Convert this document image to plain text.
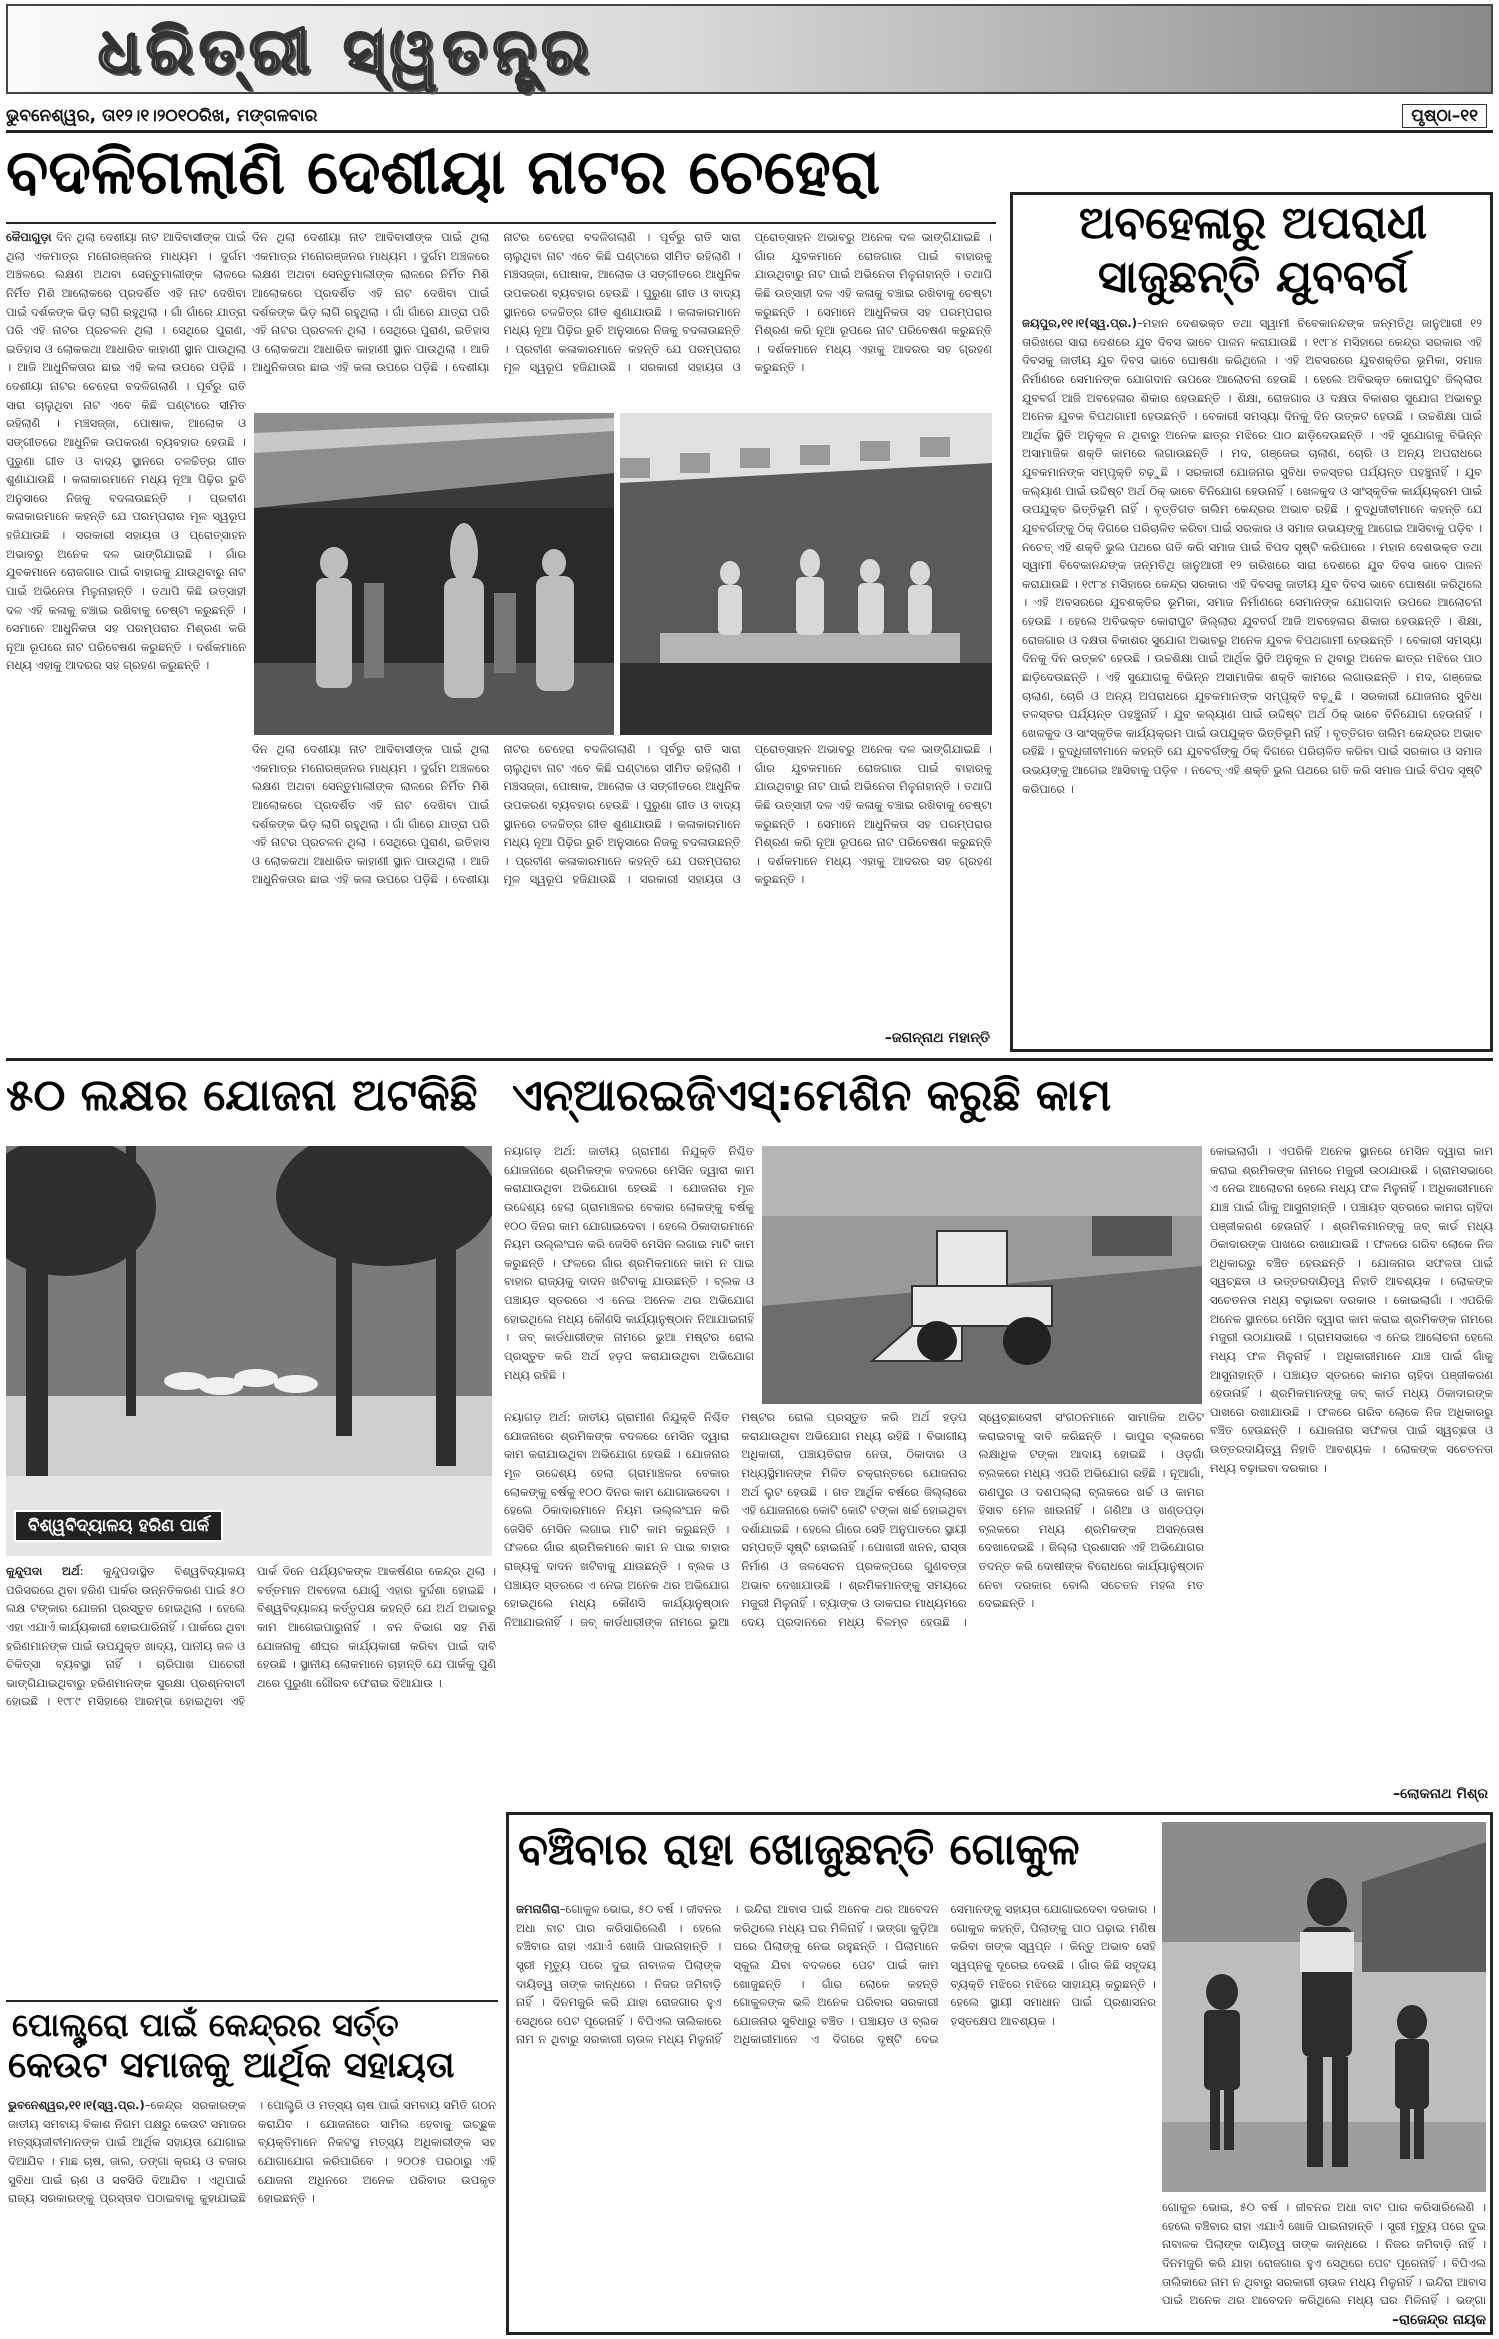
ଧରିତ୍ରୀ ସ୍ୱତନ୍ତ୍ର
ଭୁବନେଶ୍ୱର, ତା୧୨।୧।୨୦୧୦ରିଖ, ମଙ୍ଗଳବାର	ପୃଷ୍ଠା–୧୧
ବଦଳିଗଲାଣି ଦେଶୀୟା ନାଟର ଚେହେରା
କୈପାଗୁଡ଼ା ଦିନ ଥିଲା ଦେଶୀୟା ନାଟ ଆଦିବାସୀଙ୍କ ପାଇଁ ଥିଲା ଏକମାତ୍ର ମନୋରଞ୍ଜନର ମାଧ୍ୟମ । ଦୁର୍ଗମ ଅଞ୍ଚଳରେ ଲକ୍ଷଣ ଅଥବା ସେନ୍ତୁମାଲୀଙ୍କ ଲାଳରେ ନିର୍ମିତ ମିଶି ଆଲୋକରେ ପ୍ରଦର୍ଶିତ ଏହି ନାଟ ଦେଖିବା ପାଇଁ ଦର୍ଶକଙ୍କ ଭିଡ଼ ଲାଗି ରହୁଥିଲା । ଗାଁ ଗାଁରେ ଯାତ୍ରା ପରି ଏହି ନାଟର ପ୍ରଚଳନ ଥିଲା । ସେଥିରେ ପୁରାଣ, ଇତିହାସ ଓ ଲୋକକଥା ଆଧାରିତ କାହାଣୀ ସ୍ଥାନ ପାଉଥିଲା । ଆଜି ଆଧୁନିକତାର ଛାଇ ଏହି କଳା ଉପରେ ପଡ଼ିଛି । ଦେଶୀୟା ନାଟର ଚେହେରା ବଦଳିଗଲାଣି । ପୂର୍ବରୁ ରାତି ସାରା ଚାଲୁଥିବା ନାଟ ଏବେ କିଛି ଘଣ୍ଟାରେ ସୀମିତ ରହିଲାଣି । ମଞ୍ଚସଜ୍ଜା, ପୋଷାକ, ଆଲୋକ ଓ ସଙ୍ଗୀତରେ ଆଧୁନିକ ଉପକରଣ ବ୍ୟବହାର ହେଉଛି । ପୁରୁଣା ଗୀତ ଓ ବାଦ୍ୟ ସ୍ଥାନରେ ଚଳଚ୍ଚିତ୍ର ଗୀତ ଶୁଣାଯାଉଛି । କଳାକାରମାନେ ମଧ୍ୟ ନୂଆ ପିଢ଼ିର ରୁଚି ଅନୁସାରେ ନିଜକୁ ବଦଳାଉଛନ୍ତି । ପ୍ରବୀଣ କଳାକାରମାନେ କହନ୍ତି ଯେ ପରମ୍ପରାର ମୂଳ ସ୍ୱରୂପ ହଜିଯାଉଛି । ସରକାରୀ ସହାୟତା ଓ ପ୍ରୋତ୍ସାହନ ଅଭାବରୁ ଅନେକ ଦଳ ଭାଙ୍ଗିଯାଇଛି । ଗାଁର ଯୁବକମାନେ ରୋଜଗାର ପାଇଁ ବାହାରକୁ ଯାଉଥିବାରୁ ନାଟ ପାଇଁ ଅଭିନେତା ମିଳୁନାହାନ୍ତି । ତଥାପି କିଛି ଉତ୍ସାହୀ ଦଳ ଏହି କଳାକୁ ବଞ୍ଚାଇ ରଖିବାକୁ ଚେଷ୍ଟା କରୁଛନ୍ତି । ସେମାନେ ଆଧୁନିକତା ସହ ପରମ୍ପରାର ମିଶ୍ରଣ କରି ନୂଆ ରୂପରେ ନାଟ ପରିବେଷଣ କରୁଛନ୍ତି । ଦର୍ଶକମାନେ ମଧ୍ୟ ଏହାକୁ ଆଦରର ସହ ଗ୍ରହଣ କରୁଛନ୍ତି ।
ଦିନ ଥିଲା ଦେଶୀୟା ନାଟ ଆଦିବାସୀଙ୍କ ପାଇଁ ଥିଲା ଏକମାତ୍ର ମନୋରଞ୍ଜନର ମାଧ୍ୟମ । ଦୁର୍ଗମ ଅଞ୍ଚଳରେ ଲକ୍ଷଣ ଅଥବା ସେନ୍ତୁମାଲୀଙ୍କ ଲାଳରେ ନିର୍ମିତ ମିଶି ଆଲୋକରେ ପ୍ରଦର୍ଶିତ ଏହି ନାଟ ଦେଖିବା ପାଇଁ ଦର୍ଶକଙ୍କ ଭିଡ଼ ଲାଗି ରହୁଥିଲା । ଗାଁ ଗାଁରେ ଯାତ୍ରା ପରି ଏହି ନାଟର ପ୍ରଚଳନ ଥିଲା । ସେଥିରେ ପୁରାଣ, ଇତିହାସ ଓ ଲୋକକଥା ଆଧାରିତ କାହାଣୀ ସ୍ଥାନ ପାଉଥିଲା । ଆଜି ଆଧୁନିକତାର ଛାଇ ଏହି କଳା ଉପରେ ପଡ଼ିଛି । ଦେଶୀୟା ନାଟର ଚେହେରା ବଦଳିଗଲାଣି । ପୂର୍ବରୁ ରାତି ସାରା ଚାଲୁଥିବା ନାଟ ଏବେ କିଛି ଘଣ୍ଟାରେ ସୀମିତ ରହିଲାଣି । ମଞ୍ଚସଜ୍ଜା, ପୋଷାକ, ଆଲୋକ ଓ ସଙ୍ଗୀତରେ ଆଧୁନିକ ଉପକରଣ ବ୍ୟବହାର ହେଉଛି । ପୁରୁଣା ଗୀତ ଓ ବାଦ୍ୟ ସ୍ଥାନରେ ଚଳଚ୍ଚିତ୍ର ଗୀତ ଶୁଣାଯାଉଛି । କଳାକାରମାନେ ମଧ୍ୟ ନୂଆ ପିଢ଼ିର ରୁଚି ଅନୁସାରେ ନିଜକୁ ବଦଳାଉଛନ୍ତି । ପ୍ରବୀଣ କଳାକାରମାନେ କହନ୍ତି ଯେ ପରମ୍ପରାର ମୂଳ ସ୍ୱରୂପ ହଜିଯାଉଛି । ସରକାରୀ ସହାୟତା ଓ ପ୍ରୋତ୍ସାହନ ଅଭାବରୁ ଅନେକ ଦଳ ଭାଙ୍ଗିଯାଇଛି । ଗାଁର ଯୁବକମାନେ ରୋଜଗାର ପାଇଁ ବାହାରକୁ ଯାଉଥିବାରୁ ନାଟ ପାଇଁ ଅଭିନେତା ମିଳୁନାହାନ୍ତି । ତଥାପି କିଛି ଉତ୍ସାହୀ ଦଳ ଏହି କଳାକୁ ବଞ୍ଚାଇ ରଖିବାକୁ ଚେଷ୍ଟା କରୁଛନ୍ତି । ସେମାନେ ଆଧୁନିକତା ସହ ପରମ୍ପରାର ମିଶ୍ରଣ କରି ନୂଆ ରୂପରେ ନାଟ ପରିବେଷଣ କରୁଛନ୍ତି । ଦର୍ଶକମାନେ ମଧ୍ୟ ଏହାକୁ ଆଦରର ସହ ଗ୍ରହଣ କରୁଛନ୍ତି ।
ଦିନ ଥିଲା ଦେଶୀୟା ନାଟ ଆଦିବାସୀଙ୍କ ପାଇଁ ଥିଲା ଏକମାତ୍ର ମନୋରଞ୍ଜନର ମାଧ୍ୟମ । ଦୁର୍ଗମ ଅଞ୍ଚଳରେ ଲକ୍ଷଣ ଅଥବା ସେନ୍ତୁମାଲୀଙ୍କ ଲାଳରେ ନିର୍ମିତ ମିଶି ଆଲୋକରେ ପ୍ରଦର୍ଶିତ ଏହି ନାଟ ଦେଖିବା ପାଇଁ ଦର୍ଶକଙ୍କ ଭିଡ଼ ଲାଗି ରହୁଥିଲା । ଗାଁ ଗାଁରେ ଯାତ୍ରା ପରି ଏହି ନାଟର ପ୍ରଚଳନ ଥିଲା । ସେଥିରେ ପୁରାଣ, ଇତିହାସ ଓ ଲୋକକଥା ଆଧାରିତ କାହାଣୀ ସ୍ଥାନ ପାଉଥିଲା । ଆଜି ଆଧୁନିକତାର ଛାଇ ଏହି କଳା ଉପରେ ପଡ଼ିଛି । ଦେଶୀୟା ନାଟର ଚେହେରା ବଦଳିଗଲାଣି । ପୂର୍ବରୁ ରାତି ସାରା ଚାଲୁଥିବା ନାଟ ଏବେ କିଛି ଘଣ୍ଟାରେ ସୀମିତ ରହିଲାଣି । ମଞ୍ଚସଜ୍ଜା, ପୋଷାକ, ଆଲୋକ ଓ ସଙ୍ଗୀତରେ ଆଧୁନିକ ଉପକରଣ ବ୍ୟବହାର ହେଉଛି । ପୁରୁଣା ଗୀତ ଓ ବାଦ୍ୟ ସ୍ଥାନରେ ଚଳଚ୍ଚିତ୍ର ଗୀତ ଶୁଣାଯାଉଛି । କଳାକାରମାନେ ମଧ୍ୟ ନୂଆ ପିଢ଼ିର ରୁଚି ଅନୁସାରେ ନିଜକୁ ବଦଳାଉଛନ୍ତି । ପ୍ରବୀଣ କଳାକାରମାନେ କହନ୍ତି ଯେ ପରମ୍ପରାର ମୂଳ ସ୍ୱରୂପ ହଜିଯାଉଛି । ସରକାରୀ ସହାୟତା ଓ ପ୍ରୋତ୍ସାହନ ଅଭାବରୁ ଅନେକ ଦଳ ଭାଙ୍ଗିଯାଇଛି । ଗାଁର ଯୁବକମାନେ ରୋଜଗାର ପାଇଁ ବାହାରକୁ ଯାଉଥିବାରୁ ନାଟ ପାଇଁ ଅଭିନେତା ମିଳୁନାହାନ୍ତି । ତଥାପି କିଛି ଉତ୍ସାହୀ ଦଳ ଏହି କଳାକୁ ବଞ୍ଚାଇ ରଖିବାକୁ ଚେଷ୍ଟା କରୁଛନ୍ତି । ସେମାନେ ଆଧୁନିକତା ସହ ପରମ୍ପରାର ମିଶ୍ରଣ କରି ନୂଆ ରୂପରେ ନାଟ ପରିବେଷଣ କରୁଛନ୍ତି । ଦର୍ଶକମାନେ ମଧ୍ୟ ଏହାକୁ ଆଦରର ସହ ଗ୍ରହଣ କରୁଛନ୍ତି ।
–ଜଗନ୍ନାଥ ମହାନ୍ତି
ଅବହେଳାରୁ ଅପରାଧୀ
ସାଜୁଛନ୍ତି ଯୁବବର୍ଗ
ଜୟପୁର,୧୧।୧(ସ୍ୱ.ପ୍ର.)–ମହାନ ଦେଶଭକ୍ତ ତଥା ସ୍ୱାମୀ ବିବେକାନନ୍ଦଙ୍କ ଜନ୍ମତିଥି ଜାନୁଆରୀ ୧୨ ତାରିଖରେ ସାରା ଦେଶରେ ଯୁବ ଦିବସ ଭାବେ ପାଳନ କରାଯାଉଛି । ୧୯୮୪ ମସିହାରେ କେନ୍ଦ୍ର ସରକାର ଏହି ଦିବସକୁ ଜାତୀୟ ଯୁବ ଦିବସ ଭାବେ ଘୋଷଣା କରିଥିଲେ । ଏହି ଅବସରରେ ଯୁବଶକ୍ତିର ଭୂମିକା, ସମାଜ ନିର୍ମାଣରେ ସେମାନଙ୍କ ଯୋଗଦାନ ଉପରେ ଆଲୋଚନା ହେଉଛି । ହେଲେ ଅବିଭକ୍ତ କୋରାପୁଟ ଜିଲ୍ଲାର ଯୁବବର୍ଗ ଆଜି ଅବହେଳାର ଶିକାର ହେଉଛନ୍ତି । ଶିକ୍ଷା, ରୋଜଗାର ଓ ଦକ୍ଷତା ବିକାଶର ସୁଯୋଗ ଅଭାବରୁ ଅନେକ ଯୁବକ ବିପଥଗାମୀ ହେଉଛନ୍ତି । ବେକାରୀ ସମସ୍ୟା ଦିନକୁ ଦିନ ଉତ୍କଟ ହେଉଛି । ଉଚ୍ଚଶିକ୍ଷା ପାଇଁ ଆର୍ଥିକ ସ୍ଥିତି ଅନୁକୂଳ ନ ଥିବାରୁ ଅନେକ ଛାତ୍ର ମଝିରେ ପାଠ ଛାଡ଼ିଦେଉଛନ୍ତି । ଏହି ସୁଯୋଗକୁ ବିଭିନ୍ନ ଅସାମାଜିକ ଶକ୍ତି କାମରେ ଲଗାଉଛନ୍ତି । ମଦ, ଗଞ୍ଜେଇ ଚାଲାଣ, ଚୋରି ଓ ଅନ୍ୟ ଅପରାଧରେ ଯୁବକମାନଙ୍କ ସମ୍ପୃକ୍ତି ବଢ଼ୁଛି । ସରକାରୀ ଯୋଜନାର ସୁବିଧା ତଳସ୍ତର ପର୍ଯ୍ୟନ୍ତ ପହଞ୍ଚୁନାହିଁ । ଯୁବ କଲ୍ୟାଣ ପାଇଁ ଉଦ୍ଦିଷ୍ଟ ଅର୍ଥ ଠିକ୍ ଭାବେ ବିନିଯୋଗ ହେଉନାହିଁ । ଖେଳକୁଦ ଓ ସାଂସ୍କୃତିକ କାର୍ଯ୍ୟକ୍ରମ ପାଇଁ ଉପଯୁକ୍ତ ଭିତ୍ତିଭୂମି ନାହିଁ । ବୃତ୍ତିଗତ ତାଲିମ କେନ୍ଦ୍ରର ଅଭାବ ରହିଛି । ବୁଦ୍ଧିଜୀବୀମାନେ କହନ୍ତି ଯେ ଯୁବବର୍ଗଙ୍କୁ ଠିକ୍ ଦିଗରେ ପରିଚାଳିତ କରିବା ପାଇଁ ସରକାର ଓ ସମାଜ ଉଭୟଙ୍କୁ ଆଗେଇ ଆସିବାକୁ ପଡ଼ିବ । ନଚେତ୍ ଏହି ଶକ୍ତି ଭୁଲ ପଥରେ ଗତି କରି ସମାଜ ପାଇଁ ବିପଦ ସୃଷ୍ଟି କରିପାରେ । ମହାନ ଦେଶଭକ୍ତ ତଥା ସ୍ୱାମୀ ବିବେକାନନ୍ଦଙ୍କ ଜନ୍ମତିଥି ଜାନୁଆରୀ ୧୨ ତାରିଖରେ ସାରା ଦେଶରେ ଯୁବ ଦିବସ ଭାବେ ପାଳନ କରାଯାଉଛି । ୧୯୮୪ ମସିହାରେ କେନ୍ଦ୍ର ସରକାର ଏହି ଦିବସକୁ ଜାତୀୟ ଯୁବ ଦିବସ ଭାବେ ଘୋଷଣା କରିଥିଲେ । ଏହି ଅବସରରେ ଯୁବଶକ୍ତିର ଭୂମିକା, ସମାଜ ନିର୍ମାଣରେ ସେମାନଙ୍କ ଯୋଗଦାନ ଉପରେ ଆଲୋଚନା ହେଉଛି । ହେଲେ ଅବିଭକ୍ତ କୋରାପୁଟ ଜିଲ୍ଲାର ଯୁବବର୍ଗ ଆଜି ଅବହେଳାର ଶିକାର ହେଉଛନ୍ତି । ଶିକ୍ଷା, ରୋଜଗାର ଓ ଦକ୍ଷତା ବିକାଶର ସୁଯୋଗ ଅଭାବରୁ ଅନେକ ଯୁବକ ବିପଥଗାମୀ ହେଉଛନ୍ତି । ବେକାରୀ ସମସ୍ୟା ଦିନକୁ ଦିନ ଉତ୍କଟ ହେଉଛି । ଉଚ୍ଚଶିକ୍ଷା ପାଇଁ ଆର୍ଥିକ ସ୍ଥିତି ଅନୁକୂଳ ନ ଥିବାରୁ ଅନେକ ଛାତ୍ର ମଝିରେ ପାଠ ଛାଡ଼ିଦେଉଛନ୍ତି । ଏହି ସୁଯୋଗକୁ ବିଭିନ୍ନ ଅସାମାଜିକ ଶକ୍ତି କାମରେ ଲଗାଉଛନ୍ତି । ମଦ, ଗଞ୍ଜେଇ ଚାଲାଣ, ଚୋରି ଓ ଅନ୍ୟ ଅପରାଧରେ ଯୁବକମାନଙ୍କ ସମ୍ପୃକ୍ତି ବଢ଼ୁଛି । ସରକାରୀ ଯୋଜନାର ସୁବିଧା ତଳସ୍ତର ପର୍ଯ୍ୟନ୍ତ ପହଞ୍ଚୁନାହିଁ । ଯୁବ କଲ୍ୟାଣ ପାଇଁ ଉଦ୍ଦିଷ୍ଟ ଅର୍ଥ ଠିକ୍ ଭାବେ ବିନିଯୋଗ ହେଉନାହିଁ । ଖେଳକୁଦ ଓ ସାଂସ୍କୃତିକ କାର୍ଯ୍ୟକ୍ରମ ପାଇଁ ଉପଯୁକ୍ତ ଭିତ୍ତିଭୂମି ନାହିଁ । ବୃତ୍ତିଗତ ତାଲିମ କେନ୍ଦ୍ରର ଅଭାବ ରହିଛି । ବୁଦ୍ଧିଜୀବୀମାନେ କହନ୍ତି ଯେ ଯୁବବର୍ଗଙ୍କୁ ଠିକ୍ ଦିଗରେ ପରିଚାଳିତ କରିବା ପାଇଁ ସରକାର ଓ ସମାଜ ଉଭୟଙ୍କୁ ଆଗେଇ ଆସିବାକୁ ପଡ଼ିବ । ନଚେତ୍ ଏହି ଶକ୍ତି ଭୁଲ ପଥରେ ଗତି କରି ସମାଜ ପାଇଁ ବିପଦ ସୃଷ୍ଟି କରିପାରେ ।
୫୦ ଲକ୍ଷର ଯୋଜନା ଅଟକିଛି
ବିଶ୍ୱବିଦ୍ୟାଳୟ ହରିଣ ପାର୍କ
କୁନ୍ଦୁପଦା ଅର୍ଥ: କୁନ୍ଦୁପଦାସ୍ଥିତ ବିଶ୍ୱବିଦ୍ୟାଳୟ ପରିସରରେ ଥିବା ହରିଣ ପାର୍କର ଉନ୍ନତିକରଣ ପାଇଁ ୫୦ ଲକ୍ଷ ଟଙ୍କାର ଯୋଜନା ପ୍ରସ୍ତୁତ ହୋଇଥିଲା । ହେଲେ ଏହା ଏଯାଏଁ କାର୍ଯ୍ୟକାରୀ ହୋଇପାରିନାହିଁ । ପାର୍କରେ ଥିବା ହରିଣମାନଙ୍କ ପାଇଁ ଉପଯୁକ୍ତ ଖାଦ୍ୟ, ପାନୀୟ ଜଳ ଓ ଚିକିତ୍ସା ବ୍ୟବସ୍ଥା ନାହିଁ । ଚାରିପାଖ ପାଚେରୀ ଭାଙ୍ଗିଯାଇଥିବାରୁ ହରିଣମାନଙ୍କ ସୁରକ୍ଷା ପ୍ରଶ୍ନବାଚୀ ହୋଇଛି । ୧୯୮୯ ମସିହାରେ ଆରମ୍ଭ ହୋଇଥିବା ଏହି ପାର୍କ ଦିନେ ପର୍ଯ୍ୟଟକଙ୍କ ଆକର୍ଷଣର କେନ୍ଦ୍ର ଥିଲା । ବର୍ତ୍ତମାନ ଅବହେଳା ଯୋଗୁଁ ଏହାର ଦୁର୍ଦ୍ଦଶା ହୋଇଛି । ବିଶ୍ୱବିଦ୍ୟାଳୟ କର୍ତ୍ତୃପକ୍ଷ କହନ୍ତି ଯେ ଅର୍ଥ ଅଭାବରୁ କାମ ଆଗେଇପାରୁନାହିଁ । ବନ ବିଭାଗ ସହ ମିଶି ଯୋଜନାକୁ ଶୀଘ୍ର କାର୍ଯ୍ୟକାରୀ କରିବା ପାଇଁ ଦାବି ହେଉଛି । ସ୍ଥାନୀୟ ଲୋକମାନେ ଚାହାନ୍ତି ଯେ ପାର୍କକୁ ପୁଣି ଥରେ ପୁରୁଣା ଗୌରବ ଫେରାଇ ଦିଆଯାଉ ।
ଏନ୍‌ଆରଇଜିଏସ୍‌:ମେଶିନ କରୁଛି କାମ
ନୟାଗଡ଼ ଅର୍ଥ: ଜାତୀୟ ଗ୍ରାମୀଣ ନିଯୁକ୍ତି ନିଶ୍ଚିତ ଯୋଜନାରେ ଶ୍ରମିକଙ୍କ ବଦଳରେ ମେସିନ ଦ୍ୱାରା କାମ କରାଯାଉଥିବା ଅଭିଯୋଗ ହେଉଛି । ଯୋଜନାର ମୂଳ ଉଦ୍ଦେଶ୍ୟ ହେଲା ଗ୍ରାମାଞ୍ଚଳର ବେକାର ଲୋକଙ୍କୁ ବର୍ଷକୁ ୧୦୦ ଦିନର କାମ ଯୋଗାଇଦେବା । ହେଲେ ଠିକାଦାରମାନେ ନିୟମ ଉଲ୍ଲଂଘନ କରି ଜେସିବି ମେସିନ ଲଗାଇ ମାଟି କାମ କରୁଛନ୍ତି । ଫଳରେ ଗାଁର ଶ୍ରମିକମାନେ କାମ ନ ପାଇ ବାହାର ରାଜ୍ୟକୁ ଦାଦନ ଖଟିବାକୁ ଯାଉଛନ୍ତି । ବ୍ଲକ ଓ ପଞ୍ଚାୟତ ସ୍ତରରେ ଏ ନେଇ ଅନେକ ଥର ଅଭିଯୋଗ ହୋଇଥିଲେ ମଧ୍ୟ କୌଣସି କାର୍ଯ୍ୟାନୁଷ୍ଠାନ ନିଆଯାଇନାହିଁ । ଜବ୍ କାର୍ଡଧାରୀଙ୍କ ନାମରେ ଭୁଆ ମଷ୍ଟର ରୋଲ ପ୍ରସ୍ତୁତ କରି ଅର୍ଥ ହଡ଼ପ କରାଯାଉଥିବା ଅଭିଯୋଗ ମଧ୍ୟ ରହିଛି ।
କୋଇଲାଗାଁ । ଏପରିକି ଅନେକ ସ୍ଥାନରେ ମେସିନ ଦ୍ୱାରା କାମ କରାଇ ଶ୍ରମିକଙ୍କ ନାମରେ ମଜୁରୀ ଉଠାଯାଉଛି । ଗ୍ରାମସଭାରେ ଏ ନେଇ ଆଲୋଚନା ହେଲେ ମଧ୍ୟ ଫଳ ମିଳୁନାହିଁ । ଅଧିକାରୀମାନେ ଯାଞ୍ଚ ପାଇଁ ଗାଁକୁ ଆସୁନାହାନ୍ତି । ପଞ୍ଚାୟତ ସ୍ତରରେ କାମର ଚାହିଦା ପଞ୍ଜୀକରଣ ହେଉନାହିଁ । ଶ୍ରମିକମାନଙ୍କୁ ଜବ୍ କାର୍ଡ ମଧ୍ୟ ଠିକାଦାରଙ୍କ ପାଖରେ ରଖାଯାଉଛି । ଫଳରେ ଗରିବ ଲୋକେ ନିଜ ଅଧିକାରରୁ ବଞ୍ଚିତ ହେଉଛନ୍ତି । ଯୋଜନାର ସଫଳତା ପାଇଁ ସ୍ୱଚ୍ଛତା ଓ ଉତ୍ତରଦାୟିତ୍ୱ ନିହାତି ଆବଶ୍ୟକ । ଲୋକଙ୍କ ସଚେତନତା ମଧ୍ୟ ବଢ଼ାଇବା ଦରକାର । କୋଇଲାଗାଁ । ଏପରିକି ଅନେକ ସ୍ଥାନରେ ମେସିନ ଦ୍ୱାରା କାମ କରାଇ ଶ୍ରମିକଙ୍କ ନାମରେ ମଜୁରୀ ଉଠାଯାଉଛି । ଗ୍ରାମସଭାରେ ଏ ନେଇ ଆଲୋଚନା ହେଲେ ମଧ୍ୟ ଫଳ ମିଳୁନାହିଁ । ଅଧିକାରୀମାନେ ଯାଞ୍ଚ ପାଇଁ ଗାଁକୁ ଆସୁନାହାନ୍ତି । ପଞ୍ଚାୟତ ସ୍ତରରେ କାମର ଚାହିଦା ପଞ୍ଜୀକରଣ ହେଉନାହିଁ । ଶ୍ରମିକମାନଙ୍କୁ ଜବ୍ କାର୍ଡ ମଧ୍ୟ ଠିକାଦାରଙ୍କ ପାଖରେ ରଖାଯାଉଛି । ଫଳରେ ଗରିବ ଲୋକେ ନିଜ ଅଧିକାରରୁ ବଞ୍ଚିତ ହେଉଛନ୍ତି । ଯୋଜନାର ସଫଳତା ପାଇଁ ସ୍ୱଚ୍ଛତା ଓ ଉତ୍ତରଦାୟିତ୍ୱ ନିହାତି ଆବଶ୍ୟକ । ଲୋକଙ୍କ ସଚେତନତା ମଧ୍ୟ ବଢ଼ାଇବା ଦରକାର ।
ନୟାଗଡ଼ ଅର୍ଥ: ଜାତୀୟ ଗ୍ରାମୀଣ ନିଯୁକ୍ତି ନିଶ୍ଚିତ ଯୋଜନାରେ ଶ୍ରମିକଙ୍କ ବଦଳରେ ମେସିନ ଦ୍ୱାରା କାମ କରାଯାଉଥିବା ଅଭିଯୋଗ ହେଉଛି । ଯୋଜନାର ମୂଳ ଉଦ୍ଦେଶ୍ୟ ହେଲା ଗ୍ରାମାଞ୍ଚଳର ବେକାର ଲୋକଙ୍କୁ ବର୍ଷକୁ ୧୦୦ ଦିନର କାମ ଯୋଗାଇଦେବା । ହେଲେ ଠିକାଦାରମାନେ ନିୟମ ଉଲ୍ଲଂଘନ କରି ଜେସିବି ମେସିନ ଲଗାଇ ମାଟି କାମ କରୁଛନ୍ତି । ଫଳରେ ଗାଁର ଶ୍ରମିକମାନେ କାମ ନ ପାଇ ବାହାର ରାଜ୍ୟକୁ ଦାଦନ ଖଟିବାକୁ ଯାଉଛନ୍ତି । ବ୍ଲକ ଓ ପଞ୍ଚାୟତ ସ୍ତରରେ ଏ ନେଇ ଅନେକ ଥର ଅଭିଯୋଗ ହୋଇଥିଲେ ମଧ୍ୟ କୌଣସି କାର୍ଯ୍ୟାନୁଷ୍ଠାନ ନିଆଯାଇନାହିଁ । ଜବ୍ କାର୍ଡଧାରୀଙ୍କ ନାମରେ ଭୁଆ ମଷ୍ଟର ରୋଲ ପ୍ରସ୍ତୁତ କରି ଅର୍ଥ ହଡ଼ପ କରାଯାଉଥିବା ଅଭିଯୋଗ ମଧ୍ୟ ରହିଛି । ବିଭାଗୀୟ ଅଧିକାରୀ, ପଞ୍ଚାୟତିରାଜ ନେତା, ଠିକାଦାର ଓ ମଧ୍ୟସ୍ଥିମାନଙ୍କ ମିଳିତ ଚକ୍ରାନ୍ତରେ ଯୋଜନାର ଅର୍ଥ ଲୁଟ ହେଉଛି । ଗତ ଆର୍ଥିକ ବର୍ଷରେ ଜିଲ୍ଲାରେ ଏହି ଯୋଜନାରେ କୋଟି କୋଟି ଟଙ୍କା ଖର୍ଚ୍ଚ ହୋଇଥିବା ଦର୍ଶାଯାଇଛି । ହେଲେ ଗାଁରେ ସେହି ଅନୁପାତରେ ସ୍ଥାୟୀ ସମ୍ପତ୍ତି ସୃଷ୍ଟି ହୋଇନାହିଁ । ପୋଖରୀ ଖନନ, ରାସ୍ତା ନିର୍ମାଣ ଓ ଜଳସେଚନ ପ୍ରକଳ୍ପରେ ଗୁଣବତ୍ତା ଅଭାବ ଦେଖାଯାଉଛି । ଶ୍ରମିକମାନଙ୍କୁ ସମୟରେ ମଜୁରୀ ମିଳୁନାହିଁ । ବ୍ୟାଙ୍କ ଓ ଡାକଘର ମାଧ୍ୟମରେ ଦେୟ ପ୍ରଦାନରେ ମଧ୍ୟ ବିଳମ୍ବ ହେଉଛି । ସ୍ୱେଚ୍ଛାସେବୀ ସଂଗଠନମାନେ ସାମାଜିକ ଅଡିଟ କରାଇବାକୁ ଦାବି କରିଛନ୍ତି । ଭାପୁର ବ୍ଲକରେ ଲକ୍ଷାଧିକ ଟଙ୍କା ଆଦାୟ ହୋଇଛି । ଓଡ଼ଗାଁ ବ୍ଲକରେ ମଧ୍ୟ ଏପରି ଅଭିଯୋଗ ରହିଛି । ନୂଆଗାଁ, ରଣପୁର ଓ ଦଶପଲ୍ଲା ବ୍ଲକରେ ଖର୍ଚ୍ଚ ଓ କାମର ହିସାବ ମେଳ ଖାଉନାହିଁ । ଗଣିଆ ଓ ଖଣ୍ଡପଡ଼ା ବ୍ଲକରେ ମଧ୍ୟ ଶ୍ରମିକଙ୍କ ଅସନ୍ତୋଷ ଦେଖାଦେଇଛି । ଜିଲ୍ଲା ପ୍ରଶାସନ ଏହି ଅଭିଯୋଗର ତଦନ୍ତ କରି ଦୋଷୀଙ୍କ ବିରୋଧରେ କାର୍ଯ୍ୟାନୁଷ୍ଠାନ ନେବା ଦରକାର ବୋଲି ସଚେତନ ମହଲ ମତ ଦେଇଛନ୍ତି ।
–ଲୋକନାଥ ମିଶ୍ର
ପୋଲ୍ଟ୍ରୋ ପାଇଁ କେନ୍ଦ୍ରର ସର୍ତ୍ତ
କେଉଟ ସମାଜକୁ ଆର୍ଥିକ ସହାୟତା
ଭୁବନେଶ୍ୱର,୧୧।୧(ସ୍ୱ.ପ୍ର.)–କେନ୍ଦ୍ର ସରକାରଙ୍କ ଜାତୀୟ ସମବାୟ ବିକାଶ ନିଗମ ପକ୍ଷରୁ କେଉଟ ସମାଜର ମତ୍ସ୍ୟଜୀବୀମାନଙ୍କ ପାଇଁ ଆର୍ଥିକ ସହାୟତା ଯୋଗାଇ ଦିଆଯିବ । ମାଛ ଚାଷ, ଜାଲ, ଡଙ୍ଗା କ୍ରୟ ଓ ବଜାର ସୁବିଧା ପାଇଁ ଋଣ ଓ ସବସିଡି ଦିଆଯିବ । ଏଥିପାଇଁ ରାଜ୍ୟ ସରକାରଙ୍କୁ ପ୍ରସ୍ତାବ ପଠାଇବାକୁ କୁହାଯାଇଛି । ପୋଲ୍ଟ୍ରି ଓ ମତ୍ସ୍ୟ ଚାଷ ପାଇଁ ସମବାୟ ସମିତି ଗଠନ କରାଯିବ । ଯୋଜନାରେ ସାମିଲ ହେବାକୁ ଇଚ୍ଛୁକ ବ୍ୟକ୍ତିମାନେ ନିକଟସ୍ଥ ମତ୍ସ୍ୟ ଅଧିକାରୀଙ୍କ ସହ ଯୋଗାଯୋଗ କରିପାରିବେ । ୨୦୦୫ ପରଠାରୁ ଏହି ଯୋଜନା ଅଧିନରେ ଅନେକ ପରିବାର ଉପକୃତ ହୋଇଛନ୍ତି ।
ବଞ୍ଚିବାର ରାହା ଖୋଜୁଛନ୍ତି ଗୋକୁଳ
ଜମନାଗିରା–ଗୋକୁଳ ଭୋଇ, ୫୦ ବର୍ଷ । ଜୀବନର ଅଧା ବାଟ ପାର କରିସାରିଲେଣି । ହେଲେ ବଞ୍ଚିବାର ରାହା ଏଯାଏଁ ଖୋଜି ପାଇନାହାନ୍ତି । ସ୍ତ୍ରୀ ମୃତ୍ୟୁ ପରେ ଦୁଇ ନାବାଳକ ପିଲାଙ୍କ ଦାୟିତ୍ୱ ତାଙ୍କ କାନ୍ଧରେ । ନିଜର ଜମିବାଡ଼ି ନାହିଁ । ଦିନମଜୁରି କରି ଯାହା ରୋଜଗାର ହୁଏ ସେଥିରେ ପେଟ ପୂରେନାହିଁ । ବିପିଏଲ ତାଲିକାରେ ନାମ ନ ଥିବାରୁ ସରକାରୀ ଚାଉଳ ମଧ୍ୟ ମିଳୁନାହିଁ । ଇନ୍ଦିରା ଆବାସ ପାଇଁ ଅନେକ ଥର ଆବେଦନ କରିଥିଲେ ମଧ୍ୟ ଘର ମିଳିନାହିଁ । ଭଙ୍ଗା କୁଡ଼ିଆ ଘରେ ପିଲାଙ୍କୁ ନେଇ ରହୁଛନ୍ତି । ପିଲାମାନେ ସ୍କୁଲ ଯିବା ବଦଳରେ ପେଟ ପାଇଁ କାମ ଖୋଜୁଛନ୍ତି । ଗାଁର ଲୋକେ କହନ୍ତି ଗୋକୁଳଙ୍କ ଭଳି ଅନେକ ପରିବାର ସରକାରୀ ଯୋଜନାର ସୁବିଧାରୁ ବଞ୍ଚିତ । ପଞ୍ଚାୟତ ଓ ବ୍ଲକ ଅଧିକାରୀମାନେ ଏ ଦିଗରେ ଦୃଷ୍ଟି ଦେଇ ସେମାନଙ୍କୁ ସହାୟତା ଯୋଗାଇଦେବା ଦରକାର । ଗୋକୁଳ କହନ୍ତି, ପିଲାଙ୍କୁ ପାଠ ପଢ଼ାଇ ମଣିଷ କରିବା ତାଙ୍କ ସ୍ୱପ୍ନ । କିନ୍ତୁ ଅଭାବ ସେହି ସ୍ୱପ୍ନକୁ ଦୂରେଇ ଦେଉଛି । ଗାଁର କିଛି ସହୃଦୟ ବ୍ୟକ୍ତି ମଝିରେ ମଝିରେ ସାହାଯ୍ୟ କରୁଛନ୍ତି । ହେଲେ ସ୍ଥାୟୀ ସମାଧାନ ପାଇଁ ପ୍ରଶାସନର ହସ୍ତକ୍ଷେପ ଆବଶ୍ୟକ ।
ଗୋକୁଳ ଭୋଇ, ୫୦ ବର୍ଷ । ଜୀବନର ଅଧା ବାଟ ପାର କରିସାରିଲେଣି । ହେଲେ ବଞ୍ଚିବାର ରାହା ଏଯାଏଁ ଖୋଜି ପାଇନାହାନ୍ତି । ସ୍ତ୍ରୀ ମୃତ୍ୟୁ ପରେ ଦୁଇ ନାବାଳକ ପିଲାଙ୍କ ଦାୟିତ୍ୱ ତାଙ୍କ କାନ୍ଧରେ । ନିଜର ଜମିବାଡ଼ି ନାହିଁ । ଦିନମଜୁରି କରି ଯାହା ରୋଜଗାର ହୁଏ ସେଥିରେ ପେଟ ପୂରେନାହିଁ । ବିପିଏଲ ତାଲିକାରେ ନାମ ନ ଥିବାରୁ ସରକାରୀ ଚାଉଳ ମଧ୍ୟ ମିଳୁନାହିଁ । ଇନ୍ଦିରା ଆବାସ ପାଇଁ ଅନେକ ଥର ଆବେଦନ କରିଥିଲେ ମଧ୍ୟ ଘର ମିଳିନାହିଁ । ଭଙ୍ଗା
–ରାଜେନ୍ଦ୍ର ନାୟକ
